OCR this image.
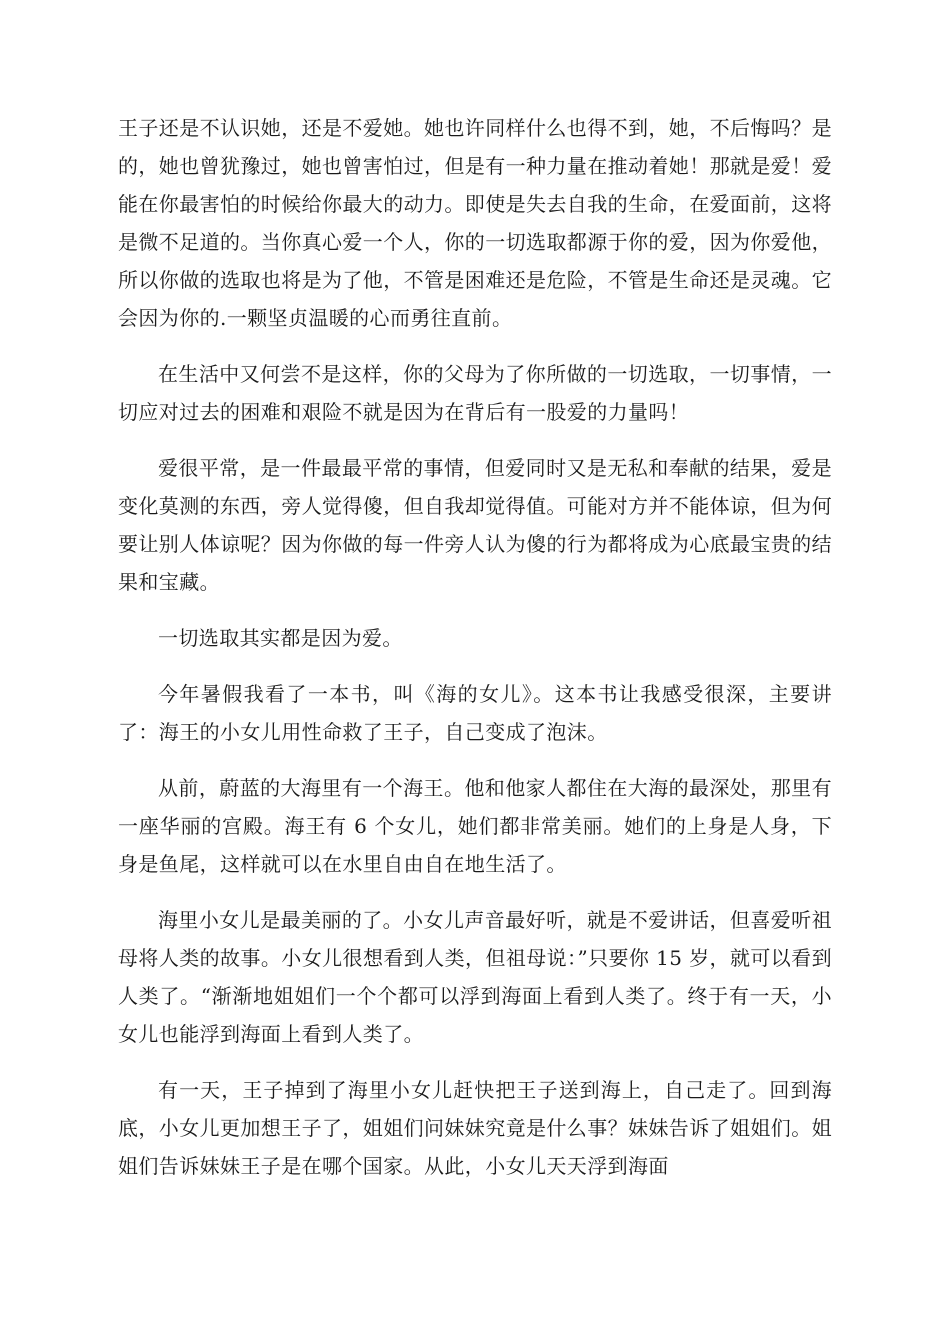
王子还是不认识她，还是不爱她。她也许同样什么也得不到，她，不后悔吗？是的，她也曾犹豫过，她也曾害怕过，但是有一种力量在推动着她！那就是爱！爱能在你最害怕的时候给你最大的动力。即使是失去自我的生命，在爱面前，这将是微不足道的。当你真心爱一个人，你的一切选取都源于你的爱，因为你爱他，所以你做的选取也将是为了他，不管是困难还是危险，不管是生命还是灵魂。它会因为你的.一颗坚贞温暖的心而勇往直前。

在生活中又何尝不是这样，你的父母为了你所做的一切选取，一切事情，一切应对过去的困难和艰险不就是因为在背后有一股爱的力量吗！

爱很平常，是一件最最平常的事情，但爱同时又是无私和奉献的结果，爱是变化莫测的东西，旁人觉得傻，但自我却觉得值。可能对方并不能体谅，但为何要让别人体谅呢？因为你做的每一件旁人认为傻的行为都将成为心底最宝贵的结果和宝藏。

一切选取其实都是因为爱。

今年暑假我看了一本书，叫《海的女儿》。这本书让我感受很深，主要讲了：海王的小女儿用性命救了王子，自己变成了泡沫。

从前，蔚蓝的大海里有一个海王。他和他家人都住在大海的最深处，那里有一座华丽的宫殿。海王有 6 个女儿，她们都非常美丽。她们的上身是人身，下身是鱼尾，这样就可以在水里自由自在地生活了。

海里小女儿是最美丽的了。小女儿声音最好听，就是不爱讲话，但喜爱听祖母将人类的故事。小女儿很想看到人类，但祖母说：”只要你 15 岁，就可以看到人类了。“渐渐地姐姐们一个个都可以浮到海面上看到人类了。终于有一天，小女儿也能浮到海面上看到人类了。

有一天，王子掉到了海里小女儿赶快把王子送到海上，自己走了。回到海底，小女儿更加想王子了，姐姐们问妹妹究竟是什么事？妹妹告诉了姐姐们。姐姐们告诉妹妹王子是在哪个国家。从此，小女儿天天浮到海面
